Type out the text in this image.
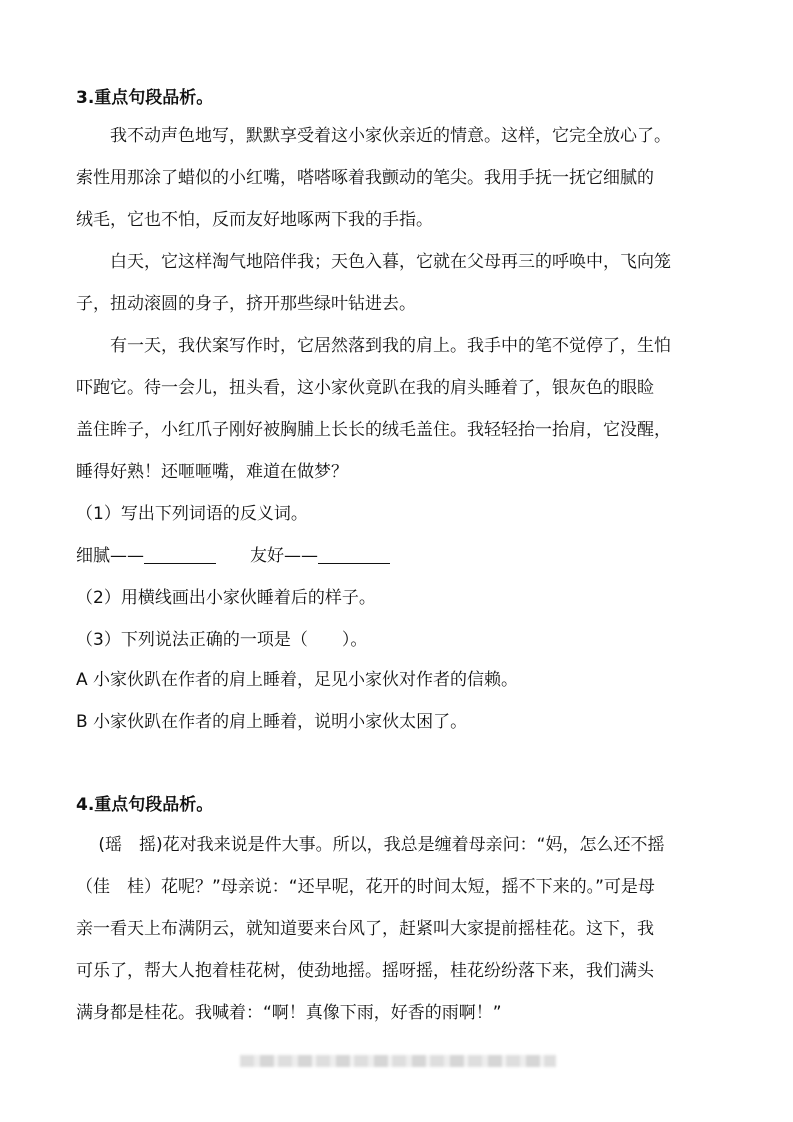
3.重点句段品析。
　　我不动声色地写，默默享受着这小家伙亲近的情意。这样，它完全放心了。
索性用那涂了蜡似的小红嘴，嗒嗒啄着我颤动的笔尖。我用手抚一抚它细腻的
绒毛，它也不怕，反而友好地啄两下我的手指。
　　白天，它这样淘气地陪伴我；天色入暮，它就在父母再三的呼唤中，飞向笼
子，扭动滚圆的身子，挤开那些绿叶钻进去。
　　有一天，我伏案写作时，它居然落到我的肩上。我手中的笔不觉停了，生怕
吓跑它。待一会儿，扭头看，这小家伙竟趴在我的肩头睡着了，银灰色的眼睑
盖住眸子，小红爪子刚好被胸脯上长长的绒毛盖住。我轻轻抬一抬肩，它没醒，
睡得好熟！还咂咂嘴，难道在做梦？
（1）写出下列词语的反义词。
细腻——	友好——
（2）用横线画出小家伙睡着后的样子。
（3）下列说法正确的一项是（　　）。
A 小家伙趴在作者的肩上睡着，足见小家伙对作者的信赖。
B 小家伙趴在作者的肩上睡着，说明小家伙太困了。
4.重点句段品析。
　 (瑶　摇)花对我来说是件大事。所以，我总是缠着母亲问：“妈，怎么还不摇
（佳　桂）花呢？”母亲说：“还早呢，花开的时间太短，摇不下来的。”可是母
亲一看天上布满阴云，就知道要来台风了，赶紧叫大家提前摇桂花。这下，我
可乐了，帮大人抱着桂花树，使劲地摇。摇呀摇，桂花纷纷落下来，我们满头
满身都是桂花。我喊着：“啊！真像下雨，好香的雨啊！”
